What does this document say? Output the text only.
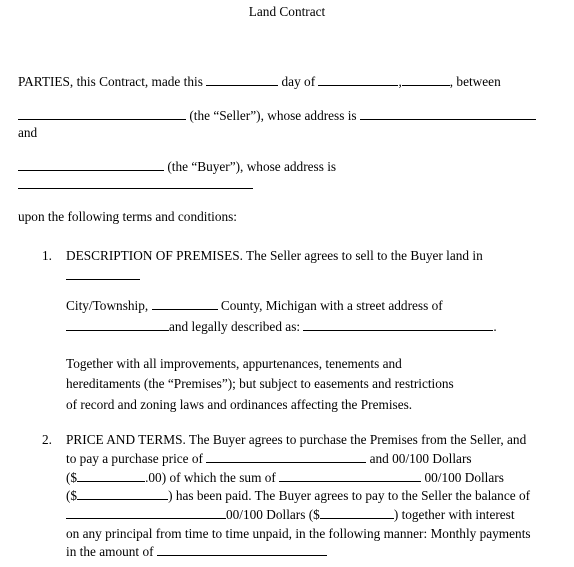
Land Contract
PARTIES, this Contract, made this	day of	,	, between
(the “Seller”), whose address is
and
(the “Buyer”), whose address is
upon the following terms and conditions:
1. DESCRIPTION OF PREMISES. The Seller agrees to sell to the Buyer land in
City/Township,	County, Michigan with a street address of
and legally described as:	.
Together with all improvements, appurtenances, tenements and
hereditaments (the “Premises”); but subject to easements and restrictions
of record and zoning laws and ordinances affecting the Premises.
2. PRICE AND TERMS. The Buyer agrees to purchase the Premises from the Seller, and
to pay a purchase price of	and 00/100 Dollars
($	.00) of which the sum of	00/100 Dollars
($	) has been paid. The Buyer agrees to pay to the Seller the balance of
00/100 Dollars ($	) together with interest
on any principal from time to time unpaid, in the following manner: Monthly payments
in the amount of
